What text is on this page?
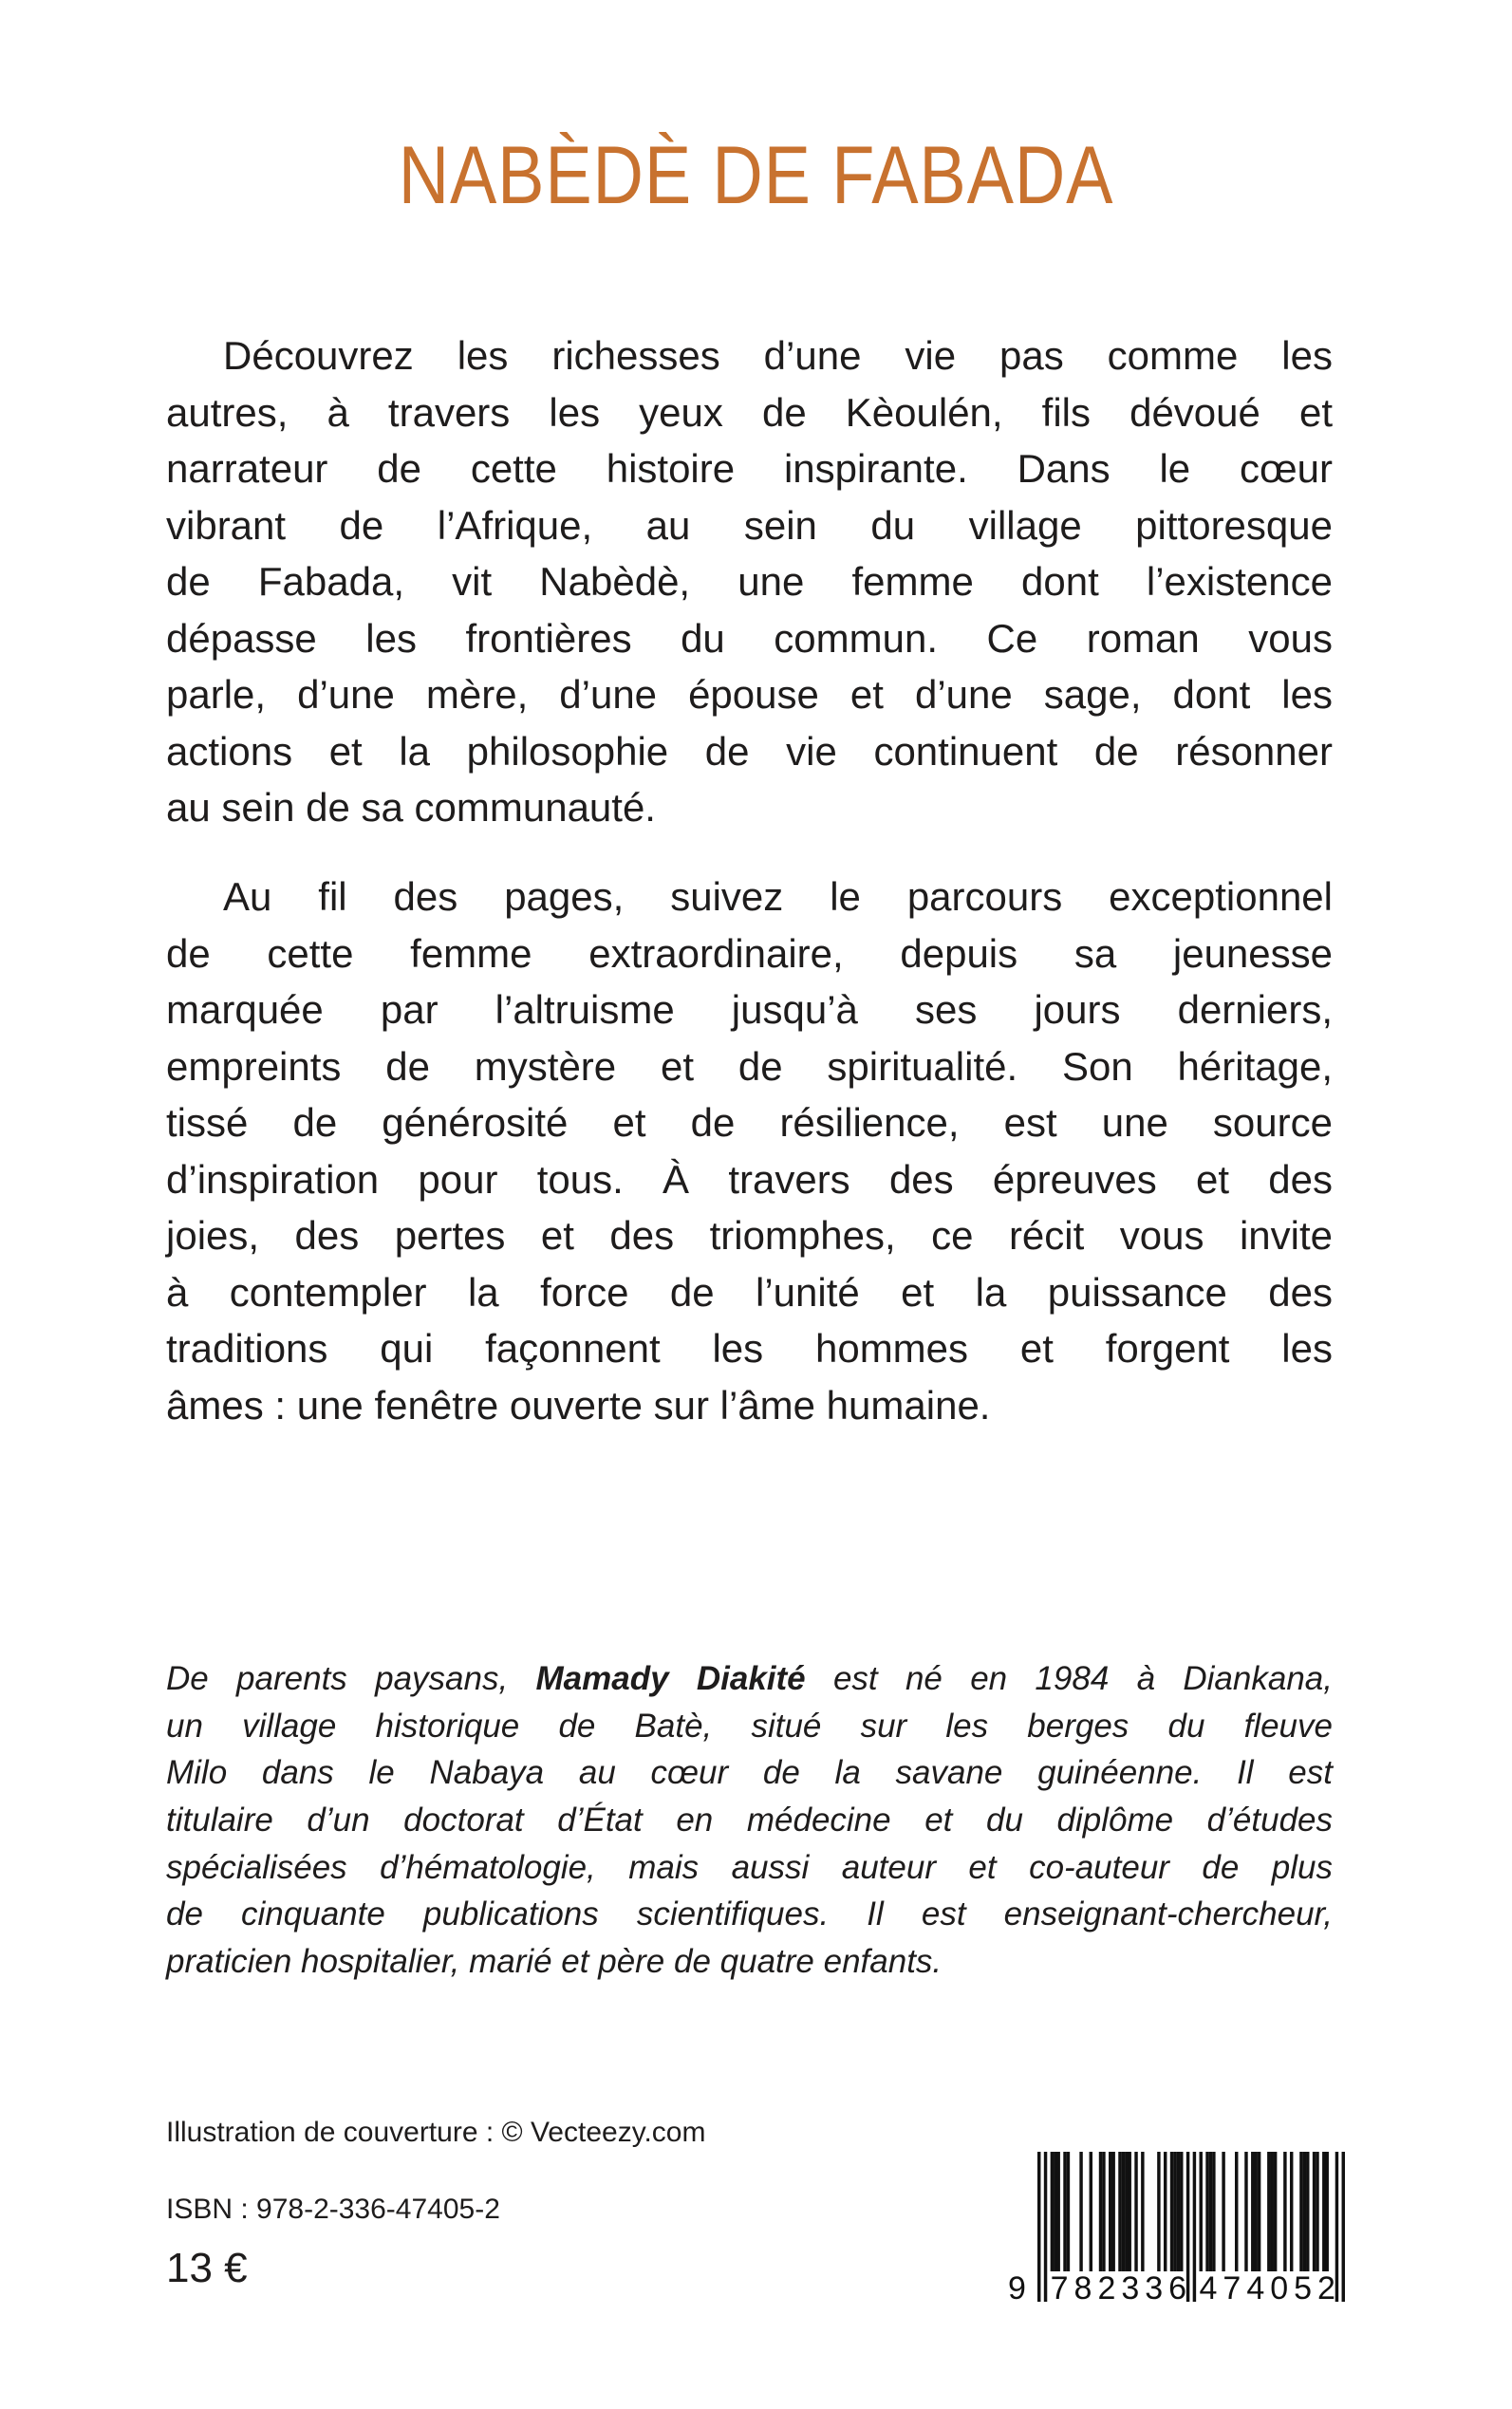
NABÈDÈ DE FABADA
Découvrez les richesses d’une vie pas comme les
autres, à travers les yeux de Kèoulén, fils dévoué et
narrateur de cette histoire inspirante. Dans le cœur
vibrant de l’Afrique, au sein du village pittoresque
de Fabada, vit Nabèdè, une femme dont l’existence
dépasse les frontières du commun. Ce roman vous
parle, d’une mère, d’une épouse et d’une sage, dont les
actions et la philosophie de vie continuent de résonner
au sein de sa communauté.
Au fil des pages, suivez le parcours exceptionnel
de cette femme extraordinaire, depuis sa jeunesse
marquée par l’altruisme jusqu’à ses jours derniers,
empreints de mystère et de spiritualité. Son héritage,
tissé de générosité et de résilience, est une source
d’inspiration pour tous. À travers des épreuves et des
joies, des pertes et des triomphes, ce récit vous invite
à contempler la force de l’unité et la puissance des
traditions qui façonnent les hommes et forgent les
âmes : une fenêtre ouverte sur l’âme humaine.
De parents paysans, Mamady Diakité est né en 1984 à Diankana,
un village historique de Batè, situé sur les berges du fleuve
Milo dans le Nabaya au cœur de la savane guinéenne. Il est
titulaire d’un doctorat d’État en médecine et du diplôme d’études
spécialisées d’hématologie, mais aussi auteur et co-auteur de plus
de cinquante publications scientifiques. Il est enseignant-chercheur,
praticien hospitalier, marié et père de quatre enfants.
Illustration de couverture : © Vecteezy.com
ISBN : 978-2-336-47405-2
13 €	9 782336 474052
